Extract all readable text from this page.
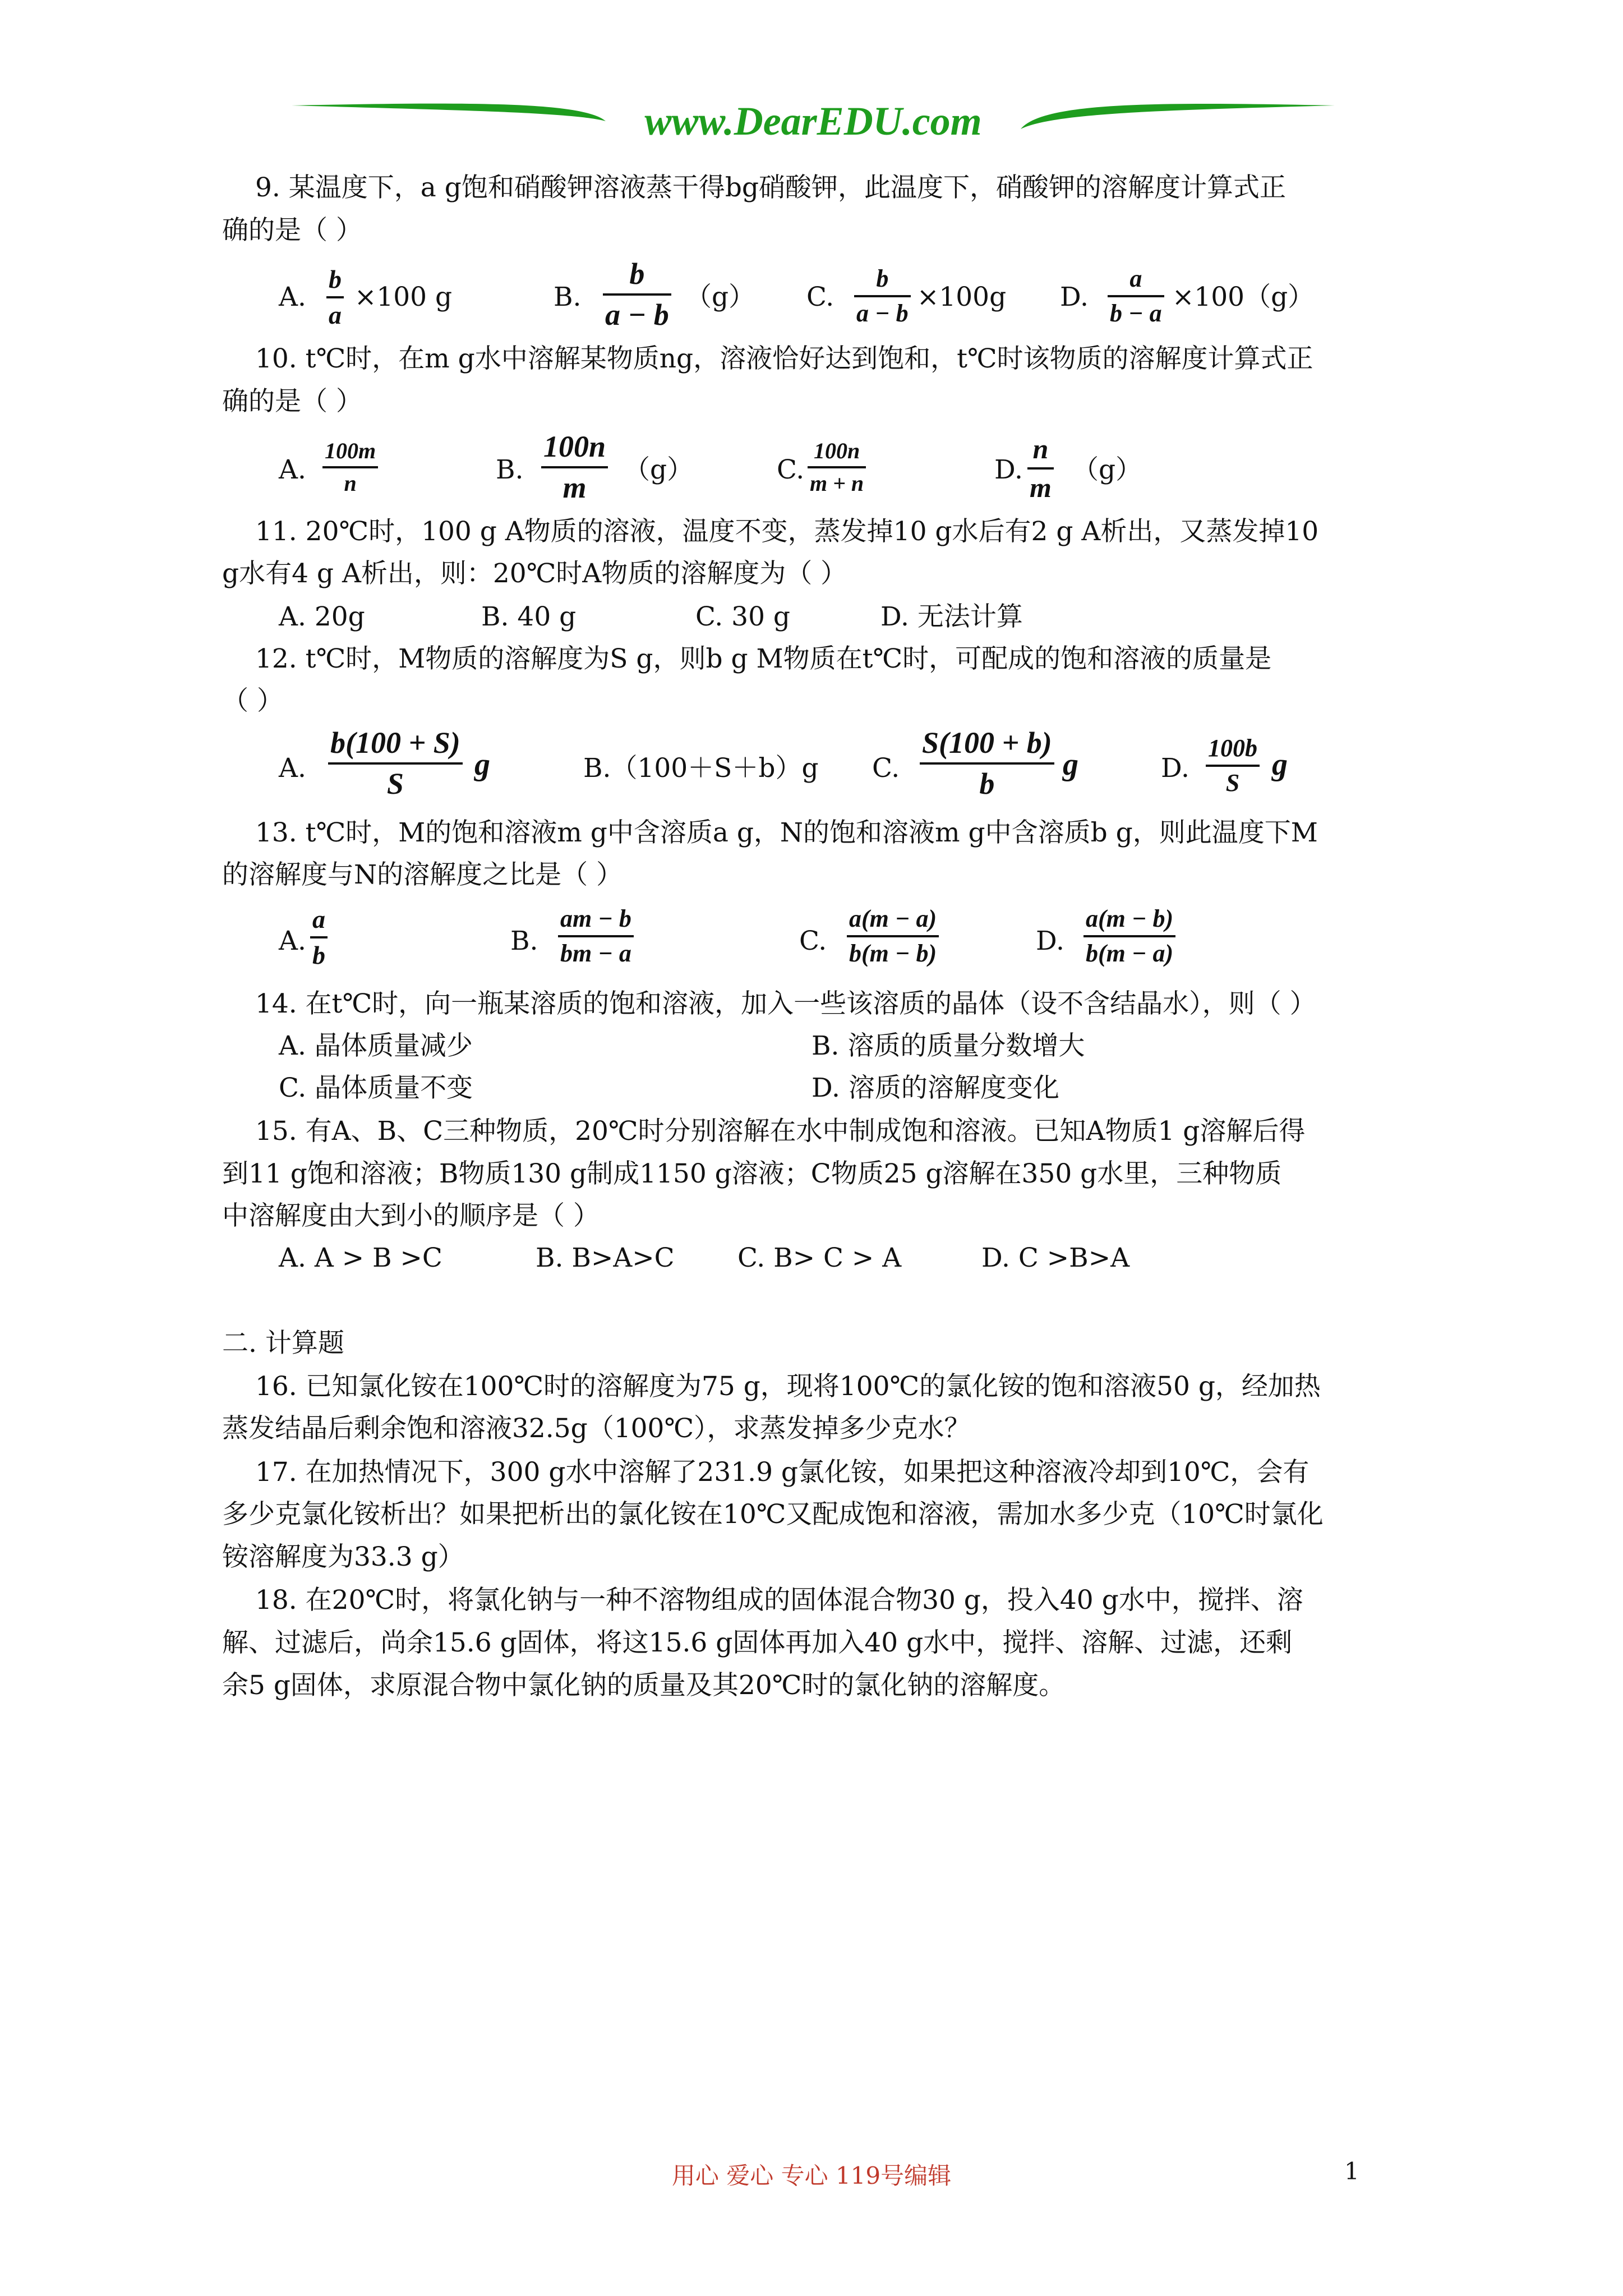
www.DearEDU.com
9. 某温度下，a g饱和硝酸钾溶液蒸干得bg硝酸钾，此温度下，硝酸钾的溶解度计算式正
确的是（ ）
A.
b
a
×100 g	B.
b
a − b
（g） C.
b
a − b
×100g D.
a
b − a
×100（g）
10. t℃时，在m g水中溶解某物质ng，溶液恰好达到饱和，t℃时该物质的溶解度计算式正
确的是（ ）
A.
100m
n	B.
100n
m
（g）	C.
100n
m + n	D.
n
m
（g）
11. 20℃时，100 g A物质的溶液，温度不变，蒸发掉10 g水后有2 g A析出，又蒸发掉10
g水有4 g A析出，则：20℃时A物质的溶解度为（ ）
A. 20g	B. 40 g	C. 30 g	D. 无法计算
12. t℃时，M物质的溶解度为S g，则b g M物质在t℃时，可配成的饱和溶液的质量是
（ ）
A.
b(100 + S)
S
g	B.（100＋S＋b）g C.
S(100 + b)
b
g	D.
100b
S
g
13. t℃时，M的饱和溶液m g中含溶质a g，N的饱和溶液m g中含溶质b g，则此温度下M
的溶解度与N的溶解度之比是（ ）
A.
a
b	B.
am − b
bm − a	C.
a(m − a)
b(m − b)	D.
a(m − b)
b(m − a)
14. 在t℃时，向一瓶某溶质的饱和溶液，加入一些该溶质的晶体（设不含结晶水），则（ ）
A. 晶体质量减少	B. 溶质的质量分数增大
C. 晶体质量不变	D. 溶质的溶解度变化
15. 有A、B、C三种物质，20℃时分别溶解在水中制成饱和溶液。已知A物质1 g溶解后得
到11 g饱和溶液；B物质130 g制成1150 g溶液；C物质25 g溶解在350 g水里，三种物质
中溶解度由大到小的顺序是（ ）
A. A > B >C	B. B>A>C C. B> C > A	D. C >B>A
二. 计算题
16. 已知氯化铵在100℃时的溶解度为75 g，现将100℃的氯化铵的饱和溶液50 g，经加热
蒸发结晶后剩余饱和溶液32.5g（100℃），求蒸发掉多少克水？
17. 在加热情况下，300 g水中溶解了231.9 g氯化铵，如果把这种溶液冷却到10℃，会有
多少克氯化铵析出？如果把析出的氯化铵在10℃又配成饱和溶液，需加水多少克（10℃时氯化
铵溶解度为33.3 g）
18. 在20℃时，将氯化钠与一种不溶物组成的固体混合物30 g，投入40 g水中，搅拌、溶
解、过滤后，尚余15.6 g固体，将这15.6 g固体再加入40 g水中，搅拌、溶解、过滤，还剩
余5 g固体，求原混合物中氯化钠的质量及其20℃时的氯化钠的溶解度。
用心 爱心 专心 119号编辑	1
